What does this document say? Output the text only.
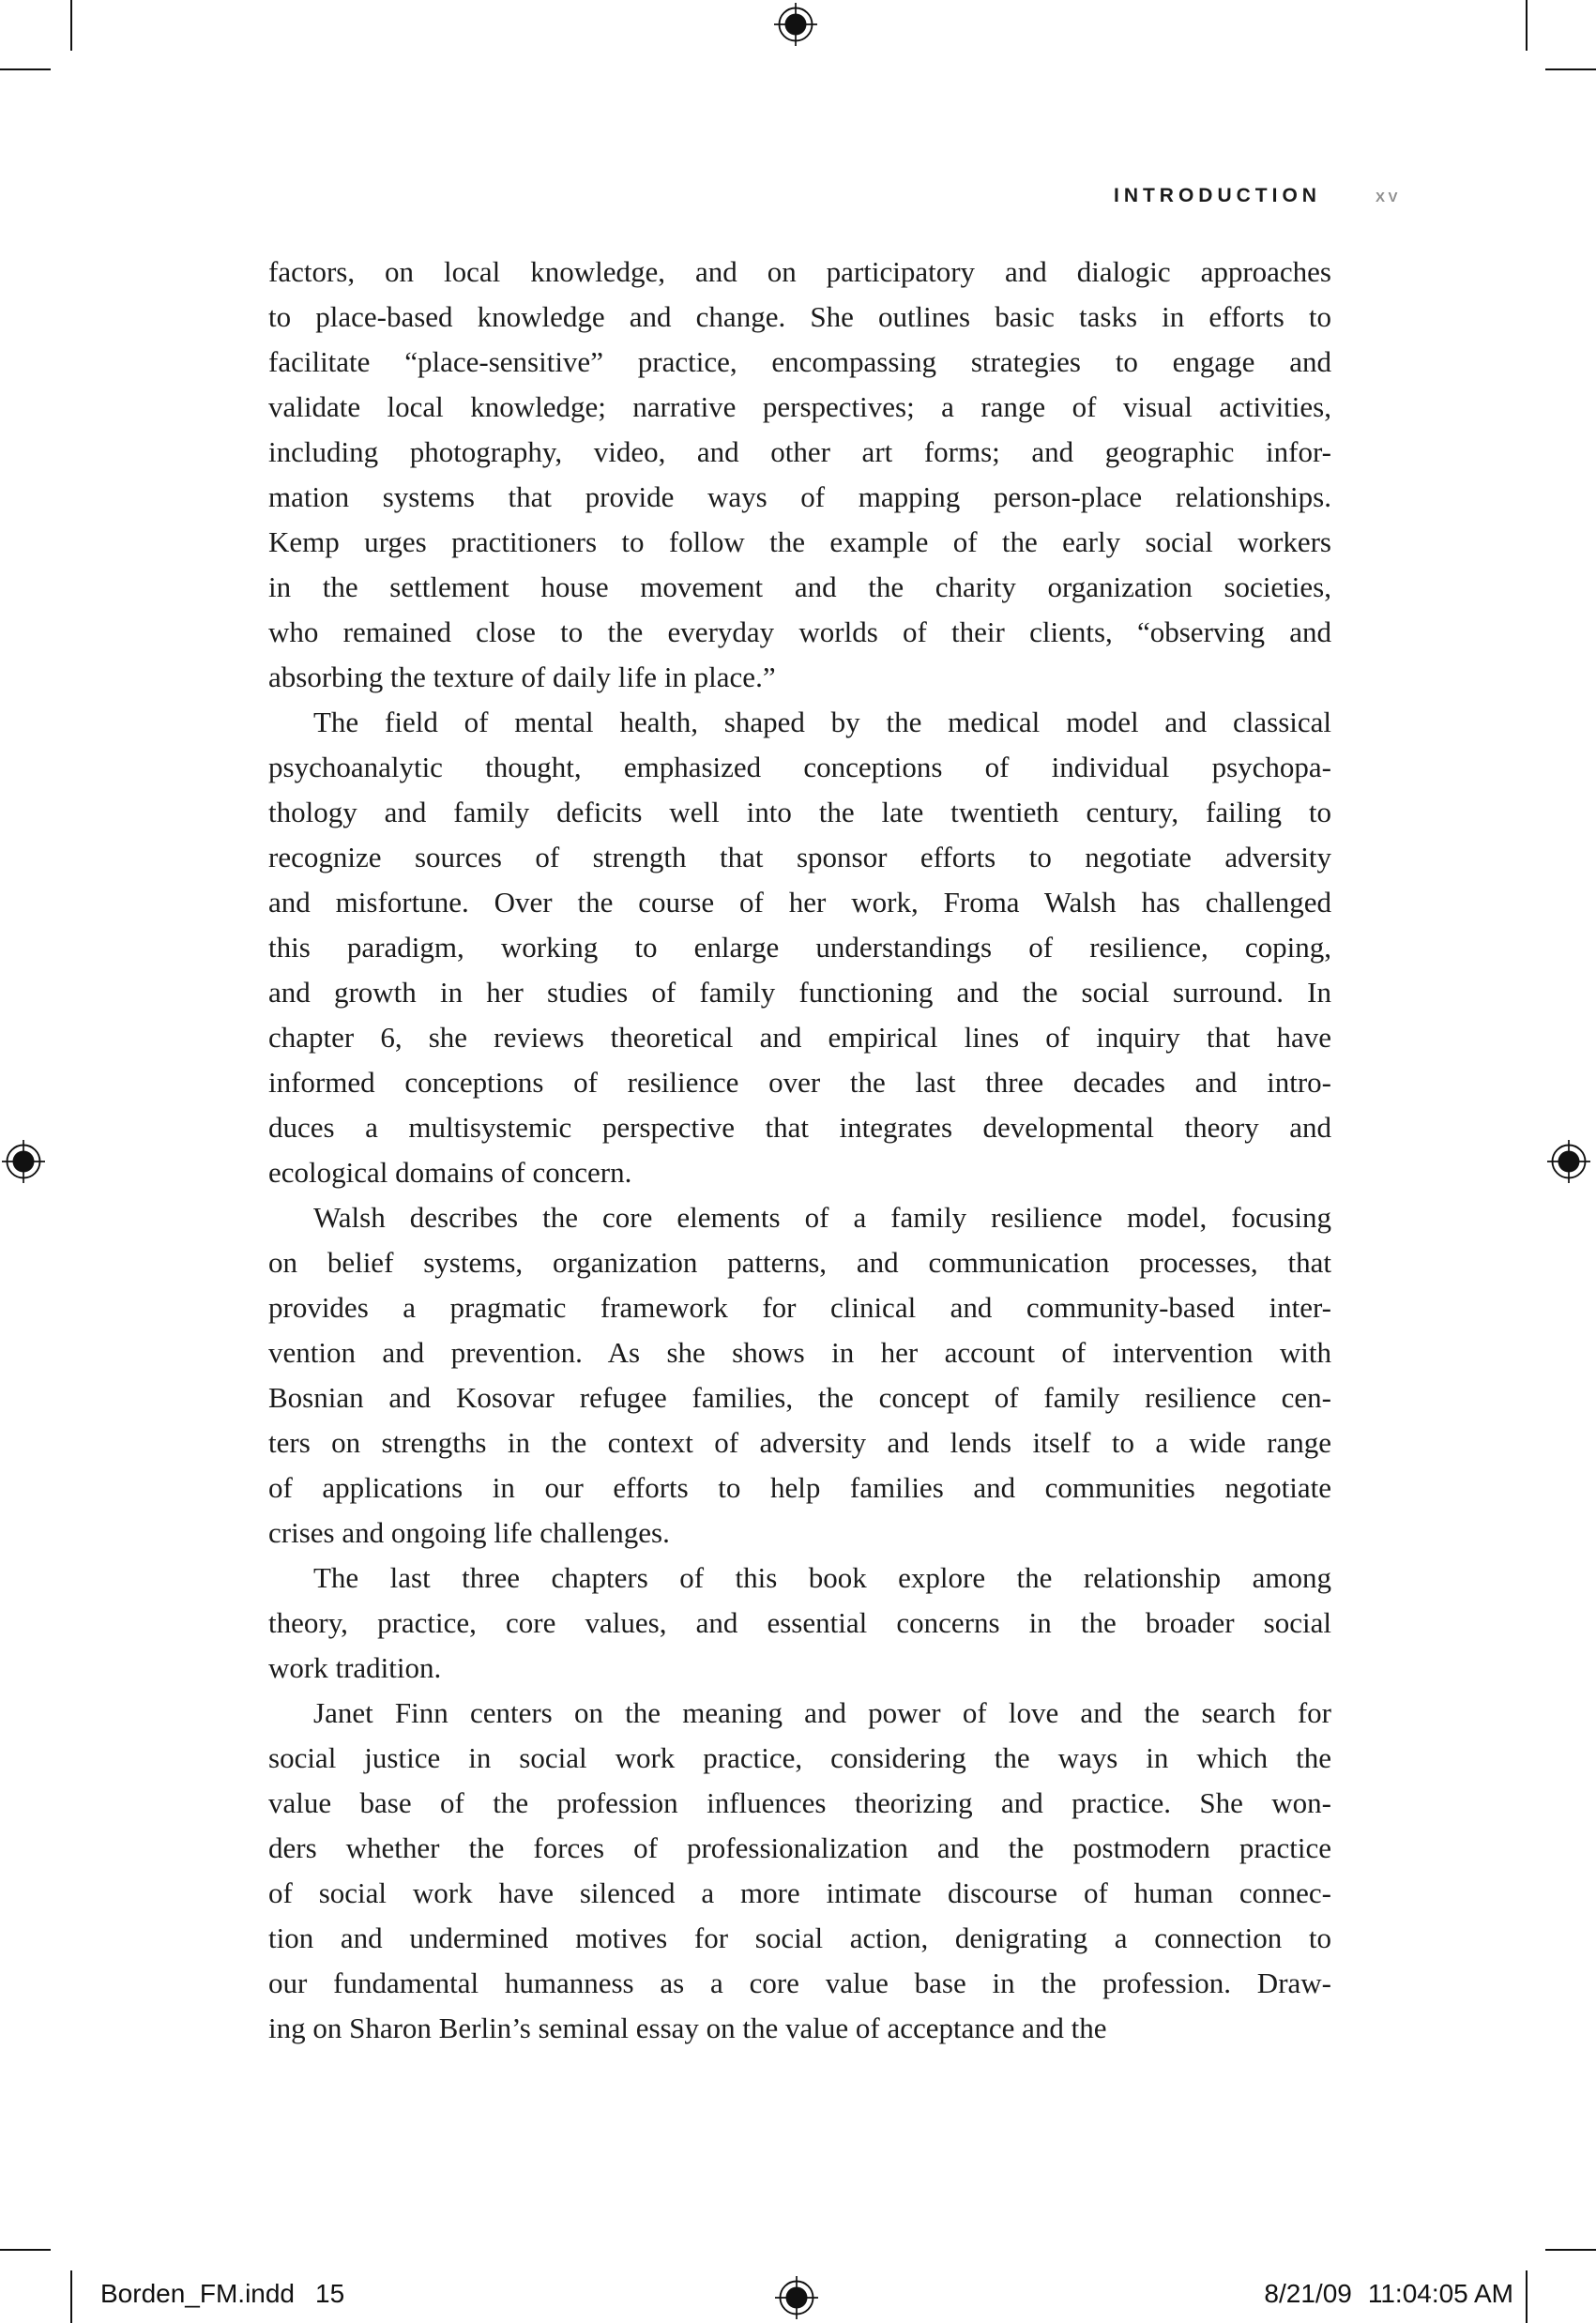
INTRODUCTION	XV
factors, on local knowledge, and on participatory and dialogic approaches
to place-based knowledge and change. She outlines basic tasks in efforts to
facilitate “place-sensitive” practice, encompassing strategies to engage and
validate local knowledge; narrative perspectives; a range of visual activities,
including photography, video, and other art forms; and geographic infor-
mation systems that provide ways of mapping person-place relationships.
Kemp urges practitioners to follow the example of the early social workers
in the settlement house movement and the charity organization societies,
who remained close to the everyday worlds of their clients, “observing and
absorbing the texture of daily life in place.”
The field of mental health, shaped by the medical model and classical
psychoanalytic thought, emphasized conceptions of individual psychopa-
thology and family deficits well into the late twentieth century, failing to
recognize sources of strength that sponsor efforts to negotiate adversity
and misfortune. Over the course of her work, Froma Walsh has challenged
this paradigm, working to enlarge understandings of resilience, coping,
and growth in her studies of family functioning and the social surround. In
chapter 6, she reviews theoretical and empirical lines of inquiry that have
informed conceptions of resilience over the last three decades and intro-
duces a multisystemic perspective that integrates developmental theory and
ecological domains of concern.
Walsh describes the core elements of a family resilience model, focusing
on belief systems, organization patterns, and communication processes, that
provides a pragmatic framework for clinical and community-based inter-
vention and prevention. As she shows in her account of intervention with
Bosnian and Kosovar refugee families, the concept of family resilience cen-
ters on strengths in the context of adversity and lends itself to a wide range
of applications in our efforts to help families and communities negotiate
crises and ongoing life challenges.
The last three chapters of this book explore the relationship among
theory, practice, core values, and essential concerns in the broader social
work tradition.
Janet Finn centers on the meaning and power of love and the search for
social justice in social work practice, considering the ways in which the
value base of the profession influences theorizing and practice. She won-
ders whether the forces of professionalization and the postmodern practice
of social work have silenced a more intimate discourse of human connec-
tion and undermined motives for social action, denigrating a connection to
our fundamental humanness as a core value base in the profession. Draw-
ing on Sharon Berlin’s seminal essay on the value of acceptance and the
Borden_FM.indd 15	8/21/09 11:04:05 AM
